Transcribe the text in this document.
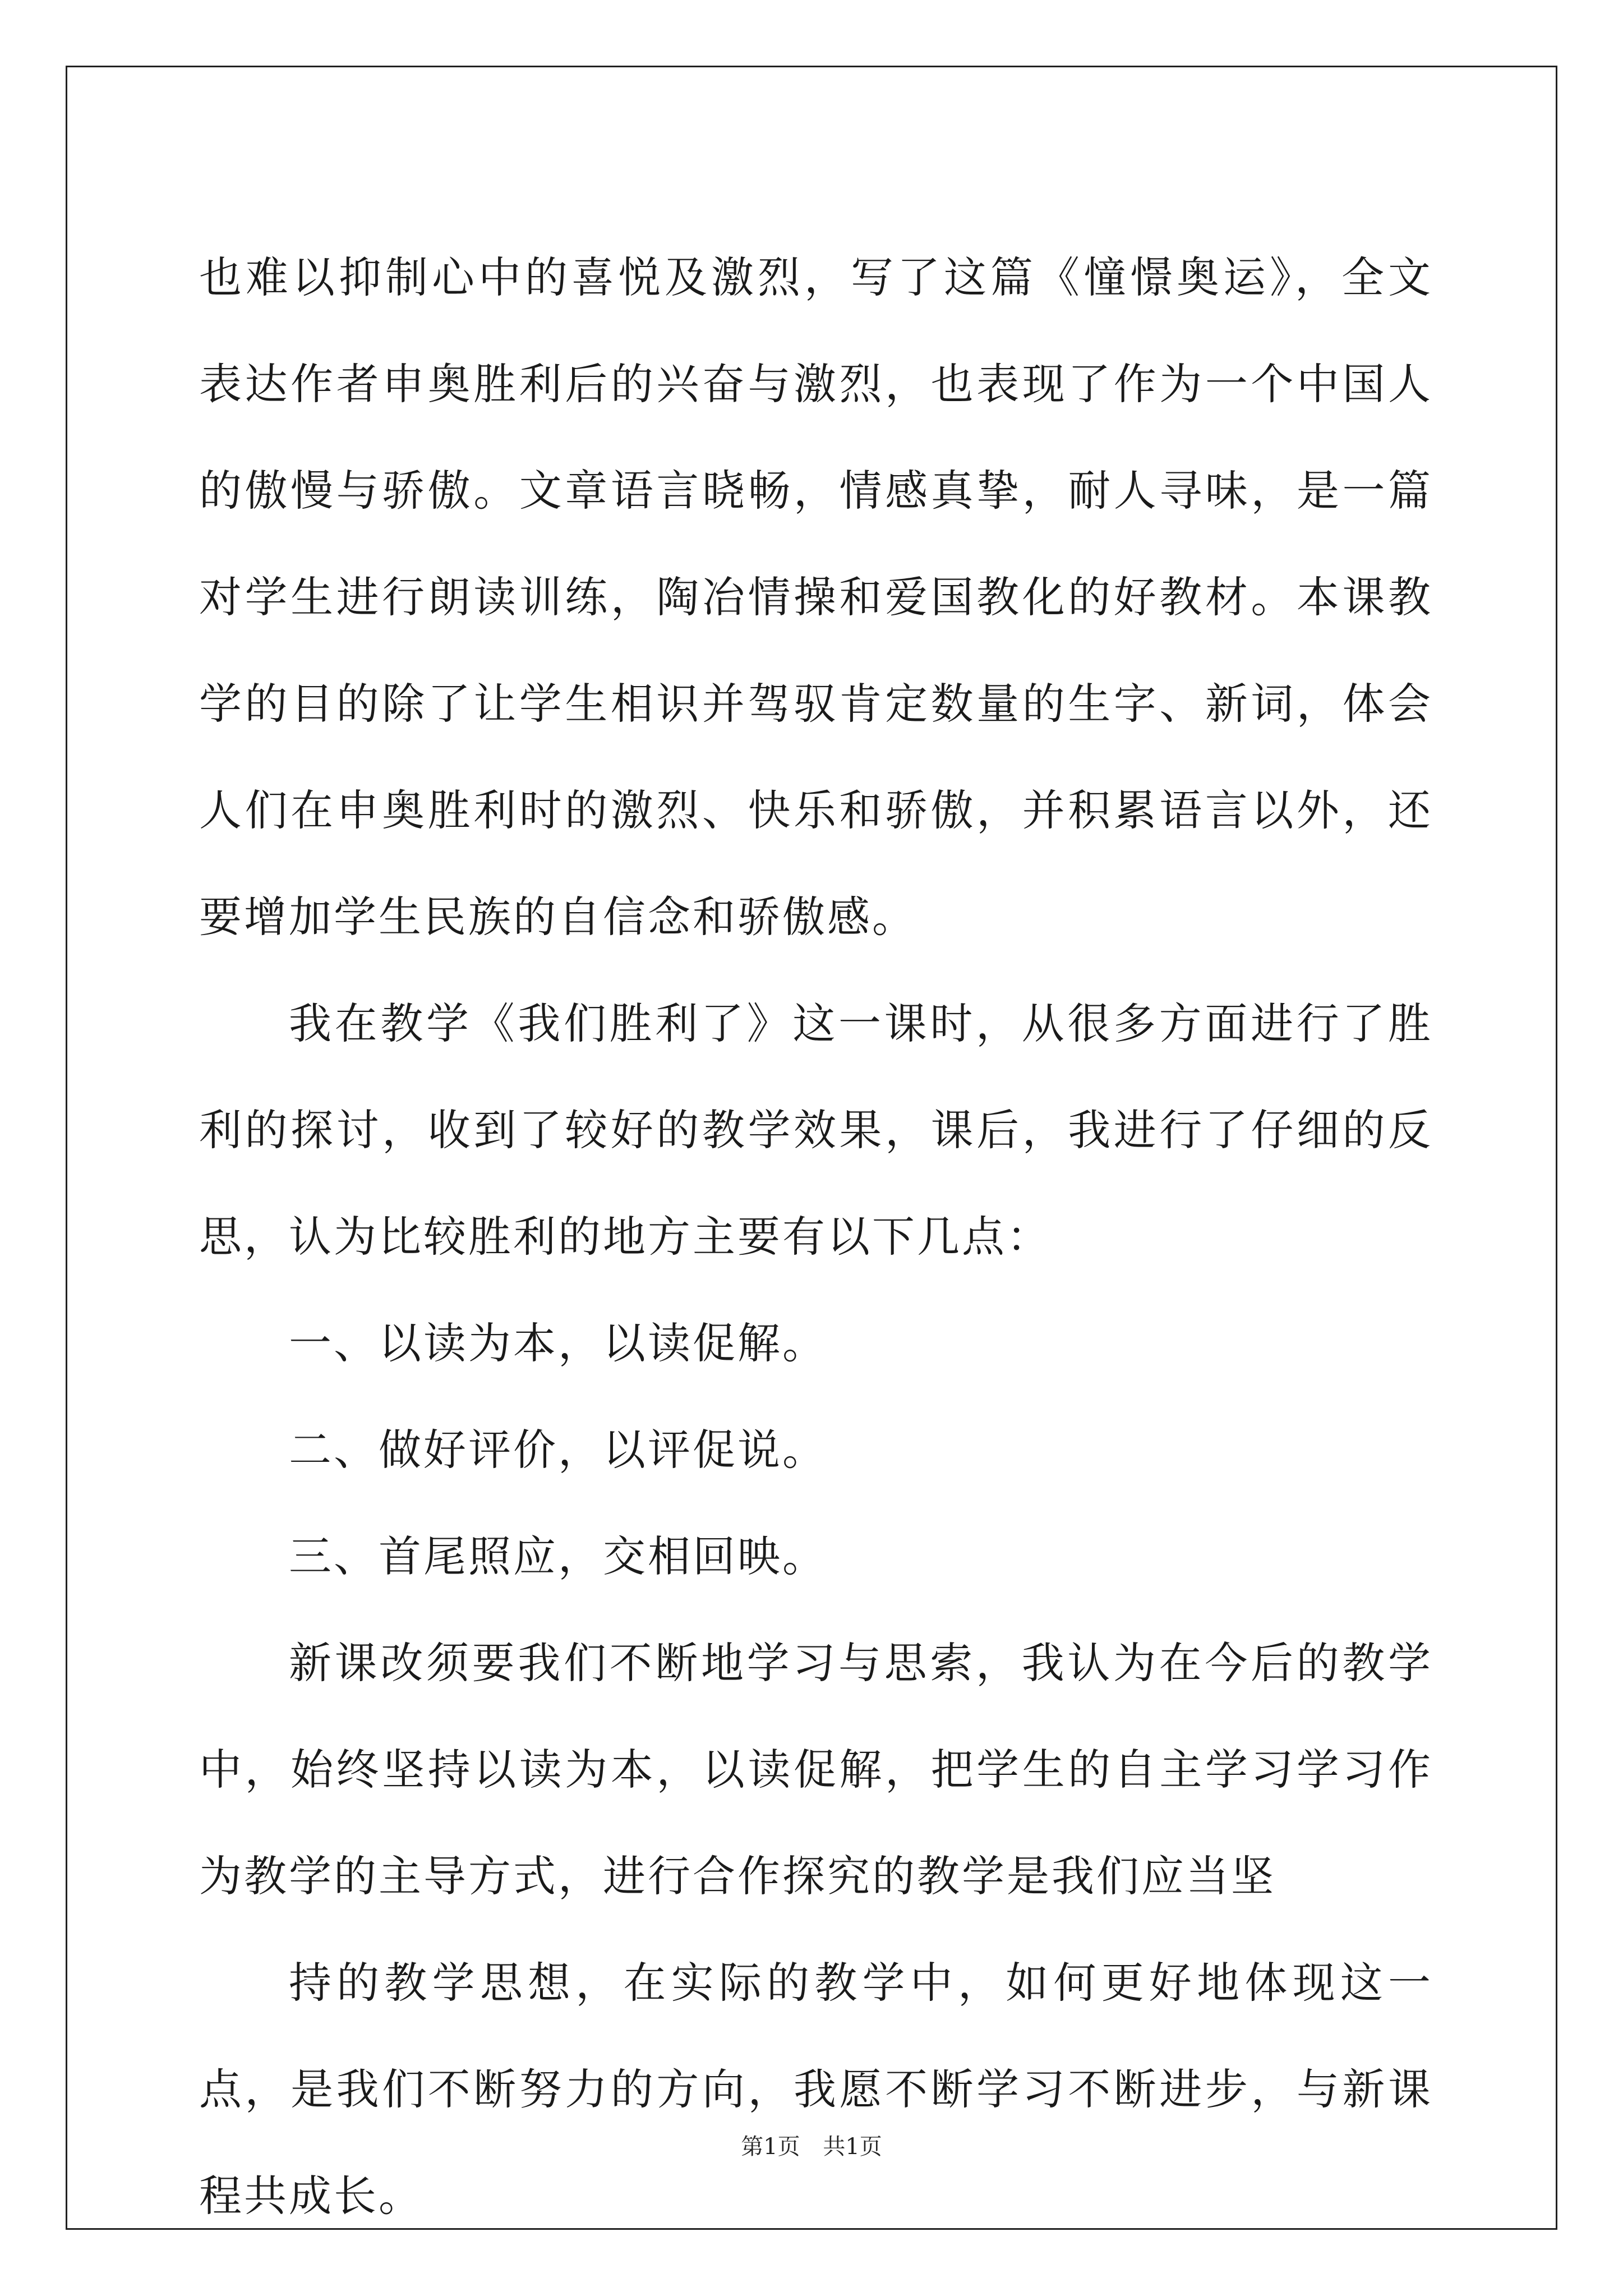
也难以抑制心中的喜悦及激烈，写了这篇《憧憬奥运》，全文表达作者申奥胜利后的兴奋与激烈，也表现了作为一个中国人的傲慢与骄傲。文章语言晓畅，情感真挚，耐人寻味，是一篇对学生进行朗读训练，陶冶情操和爱国教化的好教材。本课教学的目的除了让学生相识并驾驭肯定数量的生字、新词，体会人们在申奥胜利时的激烈、快乐和骄傲，并积累语言以外，还要增加学生民族的自信念和骄傲感。

我在教学《我们胜利了》这一课时，从很多方面进行了胜利的探讨，收到了较好的教学效果，课后，我进行了仔细的反思，认为比较胜利的地方主要有以下几点：

一、以读为本，以读促解。

二、做好评价，以评促说。

三、首尾照应，交相回映。

新课改须要我们不断地学习与思索，我认为在今后的教学中，始终坚持以读为本，以读促解，把学生的自主学习学习作为教学的主导方式，进行合作探究的教学是我们应当坚

持的教学思想，在实际的教学中，如何更好地体现这一点，是我们不断努力的方向，我愿不断学习不断进步，与新课程共成长。

第1页 共1页
